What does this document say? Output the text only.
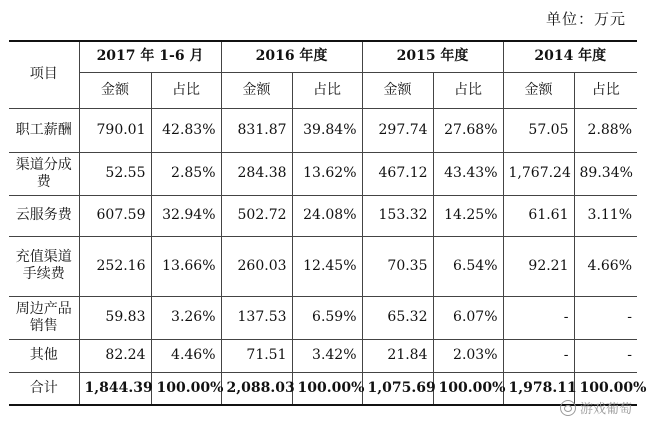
单位：万元
项目	2017 年 1-6 月		2016 年度		2015 年度		2014 年度	
	金额	占比	金额	占比	金额	占比	金额	占比
职工薪酬	790.01	42.83%	831.87	39.84%	297.74	27.68%	57.05	2.88%
渠道分成费	52.55	2.85%	284.38	13.62%	467.12	43.43%	1,767.24	89.34%
云服务费	607.59	32.94%	502.72	24.08%	153.32	14.25%	61.61	3.11%
充值渠道手续费	252.16	13.66%	260.03	12.45%	70.35	6.54%	92.21	4.66%
周边产品销售	59.83	3.26%	137.53	6.59%	65.32	6.07%	-	-
其他	82.24	4.46%	71.51	3.42%	21.84	2.03%	-	-
合计	1,844.39	100.00%	2,088.03	100.00%	1,075.69	100.00%	1,978.11	100.00%
游戏葡萄
